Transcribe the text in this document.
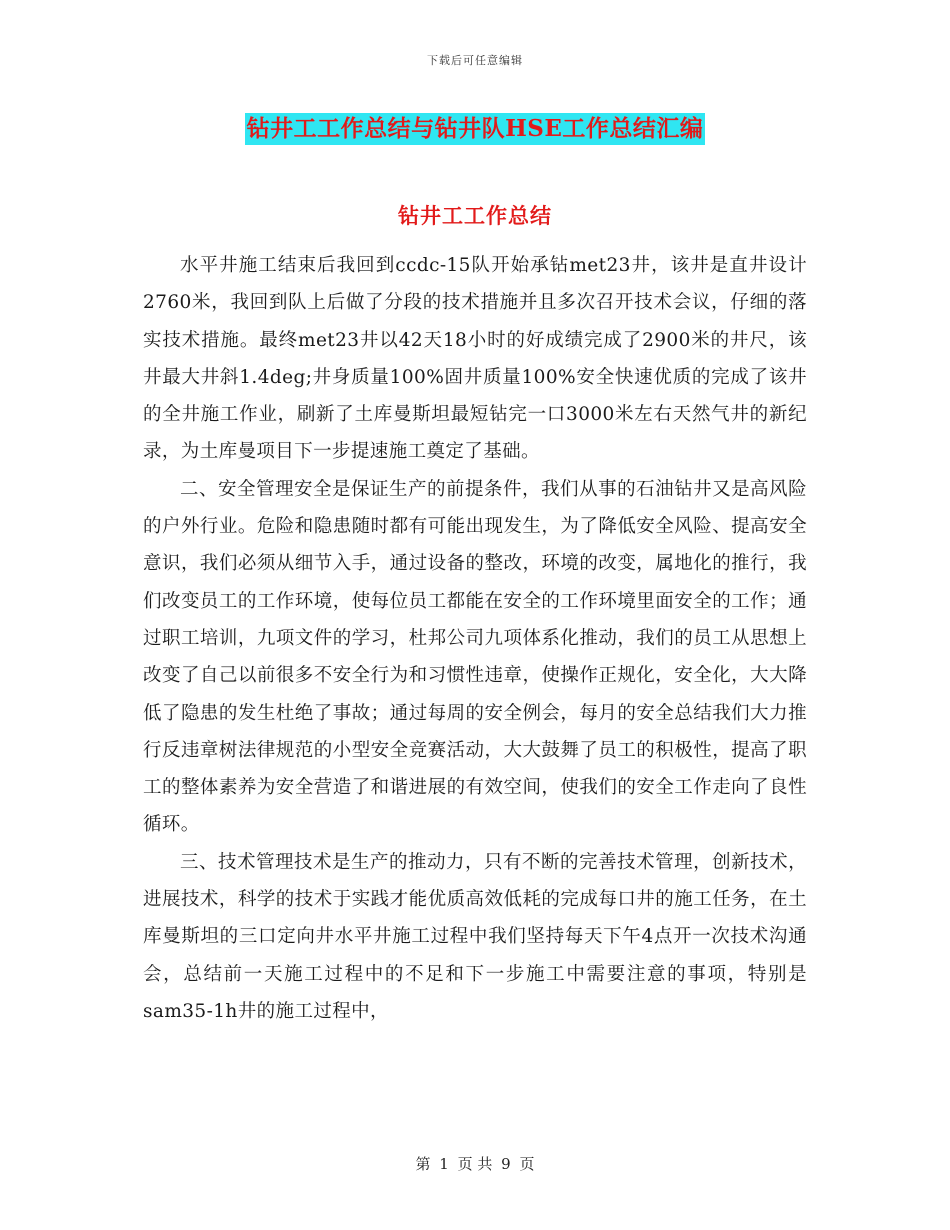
下载后可任意编辑
钻井工工作总结与钻井队HSE工作总结汇编
钻井工工作总结

水平井施工结束后我回到ccdc-15队开始承钻met23井，该井是直井设计2760米，我回到队上后做了分段的技术措施并且多次召开技术会议，仔细的落实技术措施。最终met23井以42天18小时的好成绩完成了2900米的井尺，该井最大井斜1.4deg;井身质量100%固井质量100%安全快速优质的完成了该井的全井施工作业，刷新了土库曼斯坦最短钻完一口3000米左右天然气井的新纪录，为土库曼项目下一步提速施工奠定了基础。

二、安全管理安全是保证生产的前提条件，我们从事的石油钻井又是高风险的户外行业。危险和隐患随时都有可能出现发生，为了降低安全风险、提高安全意识，我们必须从细节入手，通过设备的整改，环境的改变，属地化的推行，我们改变员工的工作环境，使每位员工都能在安全的工作环境里面安全的工作；通过职工培训，九项文件的学习，杜邦公司九项体系化推动，我们的员工从思想上改变了自己以前很多不安全行为和习惯性违章，使操作正规化，安全化，大大降低了隐患的发生杜绝了事故；通过每周的安全例会，每月的安全总结我们大力推行反违章树法律规范的小型安全竞赛活动，大大鼓舞了员工的积极性，提高了职工的整体素养为安全营造了和谐进展的有效空间，使我们的安全工作走向了良性循环。

三、技术管理技术是生产的推动力，只有不断的完善技术管理，创新技术，进展技术，科学的技术于实践才能优质高效低耗的完成每口井的施工任务，在土库曼斯坦的三口定向井水平井施工过程中我们坚持每天下午4点开一次技术沟通会，总结前一天施工过程中的不足和下一步施工中需要注意的事项，特别是sam35-1h井的施工过程中，

第 1 页 共 9 页
